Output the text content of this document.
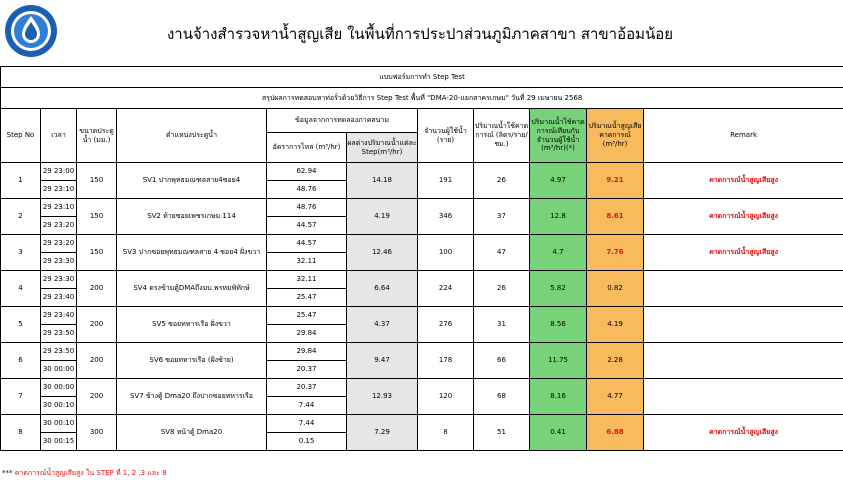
งานจ้างสำรวจหาน้ำสูญเสีย ในพื้นที่การประปาส่วนภูมิภาคสาขา สาขาอ้อมน้อย
แบบฟอร์มการทำ Step Test										
สรุปผลการทดสอบหาท่อรั่วด้วยวิธีการ Step Test พื้นที่ "DMA-20-แยกสาครเกษม" วันที่ 29 เมษายน 2568										
Step No	เวลา	ขนาดประตูน้ำ (มม.)	ตำแหน่งประตูน้ำ	ข้อมูลจากการทดลองภาคสนาม		จำนวนผู้ใช้น้ำ (ราย)	ปริมาณน้ำใช้คาดการณ์ (ลิตร/ราย/ชม.)	ปริมาณน้ำใช้คาดการณ์เทียบกับจำนวนผู้ใช้น้ำ (m³/hr)(*)	ปริมาณน้ำสูญเสียคาดการณ์ (m³/hr)	Remark
				อัตราการไหล (m³/hr)	ผลต่างปริมาณน้ำแต่ละ Step(m³/hr)					
1	29 23:00	150	SV1 ปากพุทธมณฑลสาย4ซอย4	62.94	14.18	191	26	4.97	9.21	คาดการณ์น้ำสูญเสียสูง
	29 23:10			48.76						
2	29 23:10	150	SV2 ท้ายซอยเพชรเกษม 114	48.76	4.19	346	37	12.8	8.61	คาดการณ์น้ำสูญเสียสูง
	29 23:20			44.57						
3	29 23:20	150	SV3 ปากซอยพุทธมณฑลสาย 4 ซอย4 ฝั่งขวา	44.57	12.46	100	47	4.7	7.76	คาดการณ์น้ำสูญเสียสูง
	29 23:30			32.11						
4	29 23:30	200	SV4 ตรงข้ามตู้DMAถึงมบ.พรหมพิทักษ์	32.11	6.64	224	26	5.82	0.82	
	29 23:40			25.47						
5	29 23:40	200	SV5 ซอยทหารเรือ ฝั่งขวา	25.47	4.37	276	31	8.56	4.19	
	29 23:50			29.84						
6	29 23:50	200	SV6 ซอยทหารเรือ (ฝั่งซ้าย)	29.84	9.47	178	66	11.75	2.28	
	30 00:00			20.37						
7	30 00:00	200	SV7 ข้างตู้ Dma20 ถึงปากซอยทหารเรือ	20.37	12.93	120	68	8.16	4.77	
	30 00:10			7.44						
8	30 00:10	300	SV8 หน้าตู้ Dma20	7.44	7.29	8	51	0.41	6.88	คาดการณ์น้ำสูญเสียสูง
	30 00:15			0.15						
*** คาดการณ์น้ำสูญเสียสูง ใน STEP ที่ 1, 2 ,3 และ 8
